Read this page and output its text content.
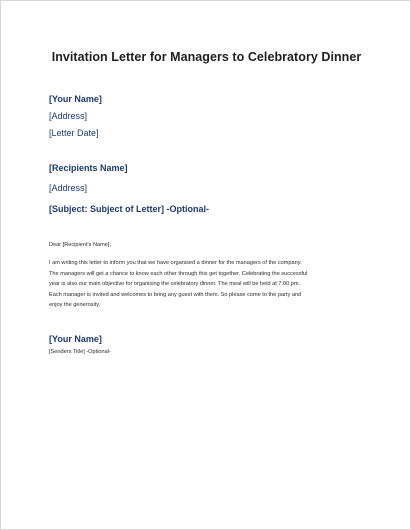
Invitation Letter for Managers to Celebratory Dinner
[Your Name]
[Address]
[Letter Date]
[Recipients Name]
[Address]
[Subject: Subject of Letter] -Optional-
Dear [Recipient's Name],
I am writing this letter to inform you that we have organised a dinner for the managers of the company.
The managers will get a chance to know each other through this get together. Celebrating the successful
year is also our main objective for organising the celebratory dinner. The meal will be held at 7:00 pm.
Each manager is invited and welcomes to bring any guest with them. So please come to the party and
enjoy the generosity.
[Your Name]
[Senders Title] -Optional-
